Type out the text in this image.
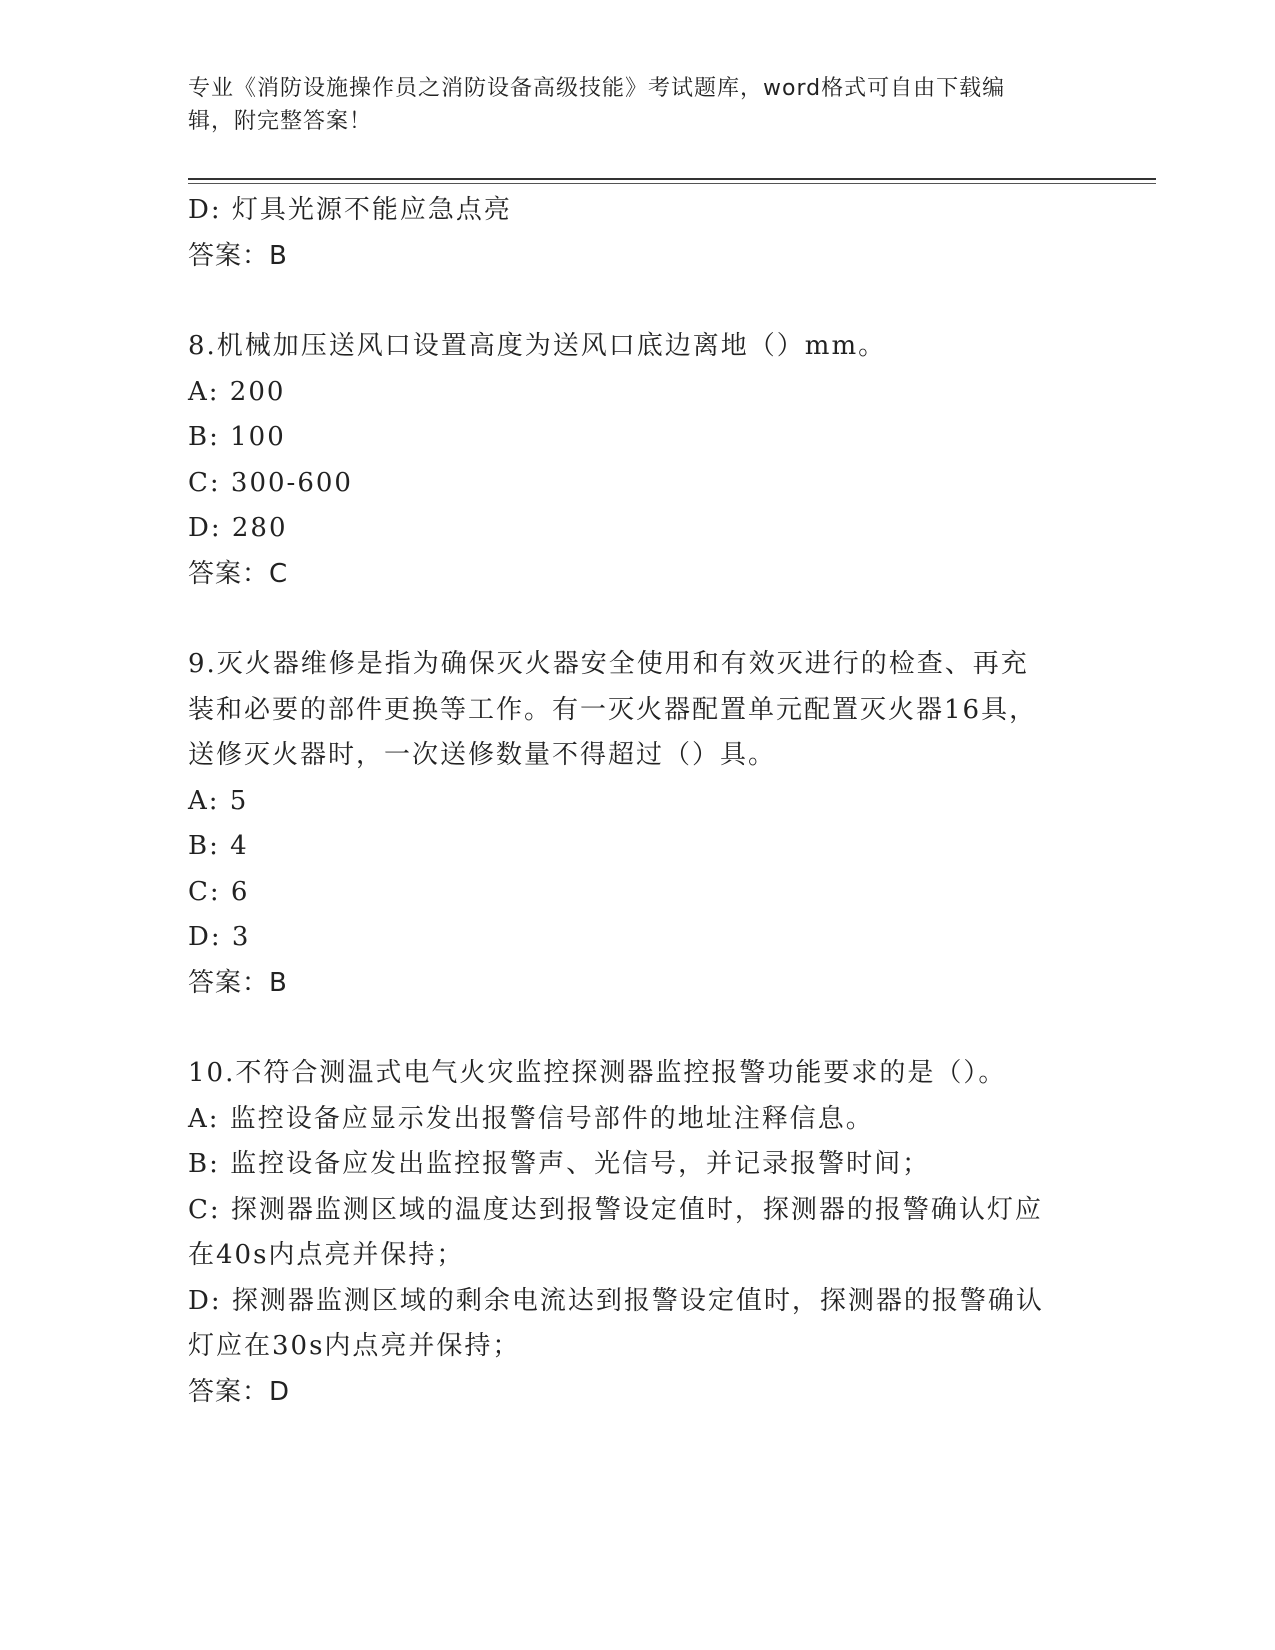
专业《消防设施操作员之消防设备高级技能》考试题库，word格式可自由下载编
辑，附完整答案！
D: 灯具光源不能应急点亮
答案：B
8.机械加压送风口设置高度为送风口底边离地（）mm。
A: 200
B: 100
C: 300-600
D: 280
答案：C
9.灭火器维修是指为确保灭火器安全使用和有效灭进行的检查、再充
装和必要的部件更换等工作。有一灭火器配置单元配置灭火器16具，
送修灭火器时，一次送修数量不得超过（）具。
A: 5
B: 4
C: 6
D: 3
答案：B
10.不符合测温式电气火灾监控探测器监控报警功能要求的是（）。
A: 监控设备应显示发出报警信号部件的地址注释信息。
B: 监控设备应发出监控报警声、光信号，并记录报警时间；
C: 探测器监测区域的温度达到报警设定值时，探测器的报警确认灯应
在40s内点亮并保持；
D: 探测器监测区域的剩余电流达到报警设定值时，探测器的报警确认
灯应在30s内点亮并保持；
答案：D
